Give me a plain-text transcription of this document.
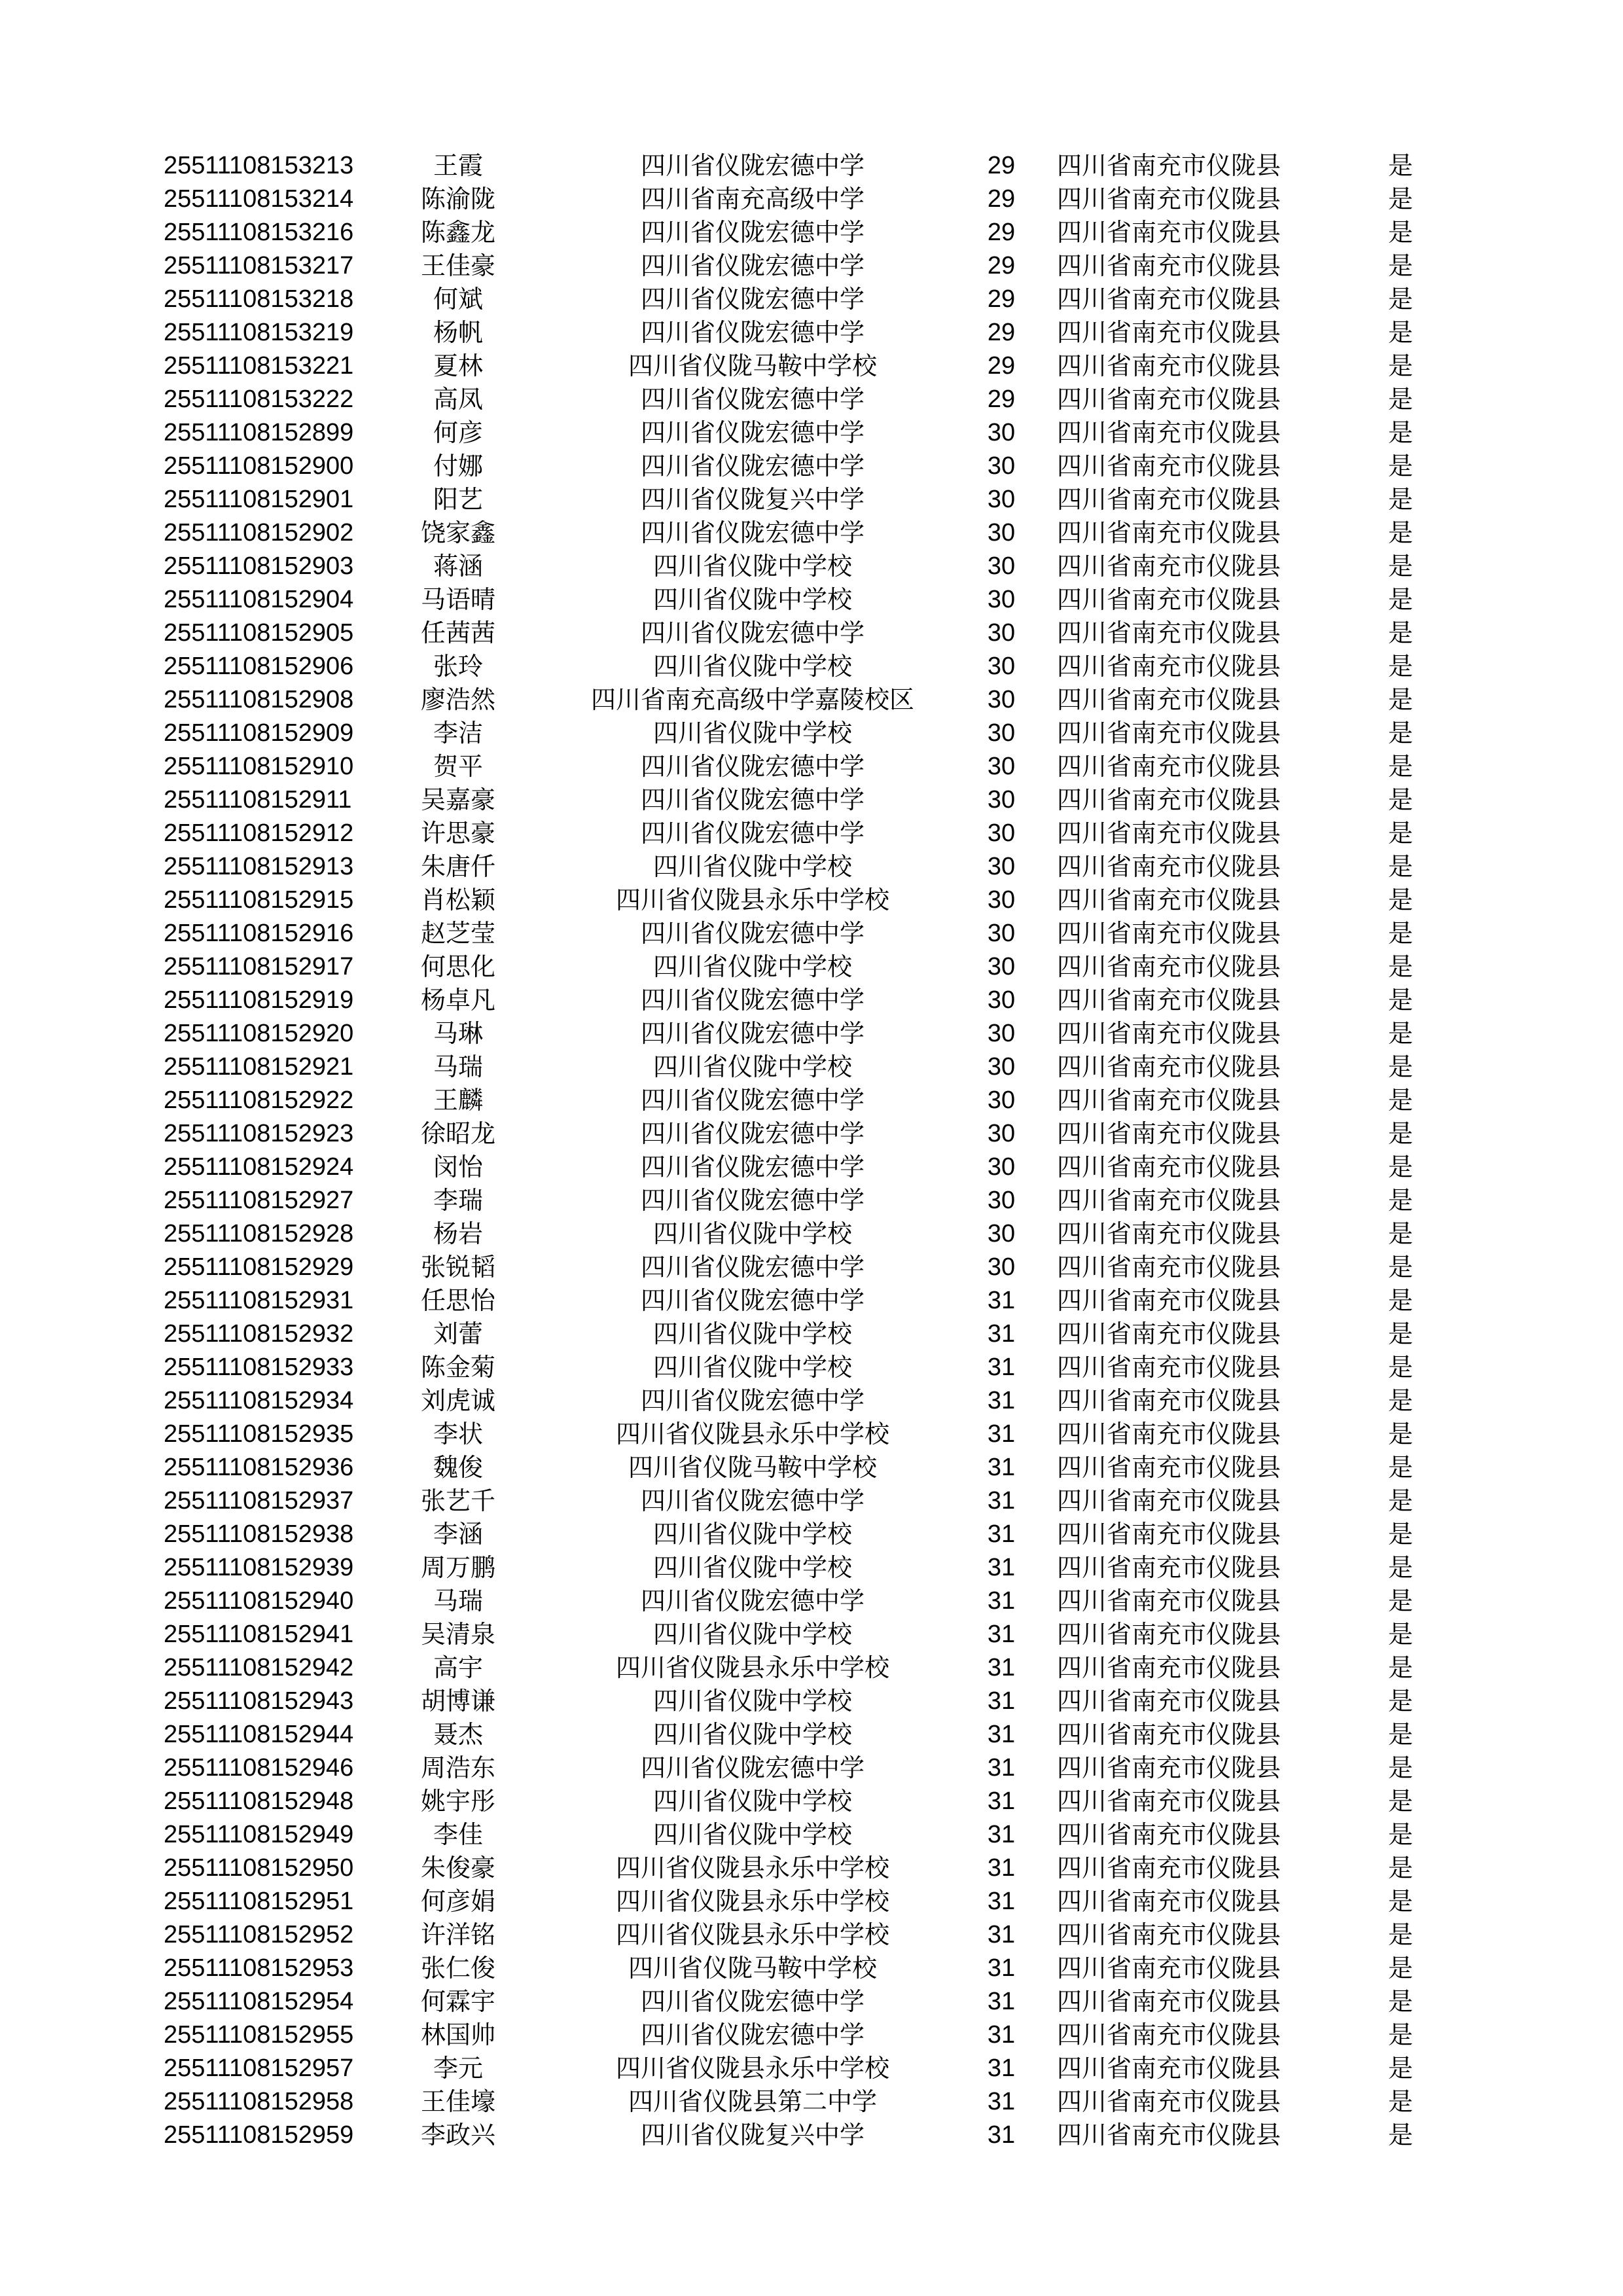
25511108153213	王霞	四川省仪陇宏德中学	29	四川省南充市仪陇县	是
25511108153214	陈渝陇	四川省南充高级中学	29	四川省南充市仪陇县	是
25511108153216	陈鑫龙	四川省仪陇宏德中学	29	四川省南充市仪陇县	是
25511108153217	王佳豪	四川省仪陇宏德中学	29	四川省南充市仪陇县	是
25511108153218	何斌	四川省仪陇宏德中学	29	四川省南充市仪陇县	是
25511108153219	杨帆	四川省仪陇宏德中学	29	四川省南充市仪陇县	是
25511108153221	夏林	四川省仪陇马鞍中学校	29	四川省南充市仪陇县	是
25511108153222	高凤	四川省仪陇宏德中学	29	四川省南充市仪陇县	是
25511108152899	何彦	四川省仪陇宏德中学	30	四川省南充市仪陇县	是
25511108152900	付娜	四川省仪陇宏德中学	30	四川省南充市仪陇县	是
25511108152901	阳艺	四川省仪陇复兴中学	30	四川省南充市仪陇县	是
25511108152902	饶家鑫	四川省仪陇宏德中学	30	四川省南充市仪陇县	是
25511108152903	蒋涵	四川省仪陇中学校	30	四川省南充市仪陇县	是
25511108152904	马语晴	四川省仪陇中学校	30	四川省南充市仪陇县	是
25511108152905	任茜茜	四川省仪陇宏德中学	30	四川省南充市仪陇县	是
25511108152906	张玲	四川省仪陇中学校	30	四川省南充市仪陇县	是
25511108152908	廖浩然	四川省南充高级中学嘉陵校区	30	四川省南充市仪陇县	是
25511108152909	李洁	四川省仪陇中学校	30	四川省南充市仪陇县	是
25511108152910	贺平	四川省仪陇宏德中学	30	四川省南充市仪陇县	是
25511108152911	吴嘉豪	四川省仪陇宏德中学	30	四川省南充市仪陇县	是
25511108152912	许思豪	四川省仪陇宏德中学	30	四川省南充市仪陇县	是
25511108152913	朱唐仟	四川省仪陇中学校	30	四川省南充市仪陇县	是
25511108152915	肖松颖	四川省仪陇县永乐中学校	30	四川省南充市仪陇县	是
25511108152916	赵芝莹	四川省仪陇宏德中学	30	四川省南充市仪陇县	是
25511108152917	何思化	四川省仪陇中学校	30	四川省南充市仪陇县	是
25511108152919	杨卓凡	四川省仪陇宏德中学	30	四川省南充市仪陇县	是
25511108152920	马琳	四川省仪陇宏德中学	30	四川省南充市仪陇县	是
25511108152921	马瑞	四川省仪陇中学校	30	四川省南充市仪陇县	是
25511108152922	王麟	四川省仪陇宏德中学	30	四川省南充市仪陇县	是
25511108152923	徐昭龙	四川省仪陇宏德中学	30	四川省南充市仪陇县	是
25511108152924	闵怡	四川省仪陇宏德中学	30	四川省南充市仪陇县	是
25511108152927	李瑞	四川省仪陇宏德中学	30	四川省南充市仪陇县	是
25511108152928	杨岩	四川省仪陇中学校	30	四川省南充市仪陇县	是
25511108152929	张锐韬	四川省仪陇宏德中学	30	四川省南充市仪陇县	是
25511108152931	任思怡	四川省仪陇宏德中学	31	四川省南充市仪陇县	是
25511108152932	刘蕾	四川省仪陇中学校	31	四川省南充市仪陇县	是
25511108152933	陈金菊	四川省仪陇中学校	31	四川省南充市仪陇县	是
25511108152934	刘虎诚	四川省仪陇宏德中学	31	四川省南充市仪陇县	是
25511108152935	李状	四川省仪陇县永乐中学校	31	四川省南充市仪陇县	是
25511108152936	魏俊	四川省仪陇马鞍中学校	31	四川省南充市仪陇县	是
25511108152937	张艺千	四川省仪陇宏德中学	31	四川省南充市仪陇县	是
25511108152938	李涵	四川省仪陇中学校	31	四川省南充市仪陇县	是
25511108152939	周万鹏	四川省仪陇中学校	31	四川省南充市仪陇县	是
25511108152940	马瑞	四川省仪陇宏德中学	31	四川省南充市仪陇县	是
25511108152941	吴清泉	四川省仪陇中学校	31	四川省南充市仪陇县	是
25511108152942	高宇	四川省仪陇县永乐中学校	31	四川省南充市仪陇县	是
25511108152943	胡博谦	四川省仪陇中学校	31	四川省南充市仪陇县	是
25511108152944	聂杰	四川省仪陇中学校	31	四川省南充市仪陇县	是
25511108152946	周浩东	四川省仪陇宏德中学	31	四川省南充市仪陇县	是
25511108152948	姚宇彤	四川省仪陇中学校	31	四川省南充市仪陇县	是
25511108152949	李佳	四川省仪陇中学校	31	四川省南充市仪陇县	是
25511108152950	朱俊豪	四川省仪陇县永乐中学校	31	四川省南充市仪陇县	是
25511108152951	何彦娟	四川省仪陇县永乐中学校	31	四川省南充市仪陇县	是
25511108152952	许洋铭	四川省仪陇县永乐中学校	31	四川省南充市仪陇县	是
25511108152953	张仁俊	四川省仪陇马鞍中学校	31	四川省南充市仪陇县	是
25511108152954	何霖宇	四川省仪陇宏德中学	31	四川省南充市仪陇县	是
25511108152955	林国帅	四川省仪陇宏德中学	31	四川省南充市仪陇县	是
25511108152957	李元	四川省仪陇县永乐中学校	31	四川省南充市仪陇县	是
25511108152958	王佳壕	四川省仪陇县第二中学	31	四川省南充市仪陇县	是
25511108152959	李政兴	四川省仪陇复兴中学	31	四川省南充市仪陇县	是
